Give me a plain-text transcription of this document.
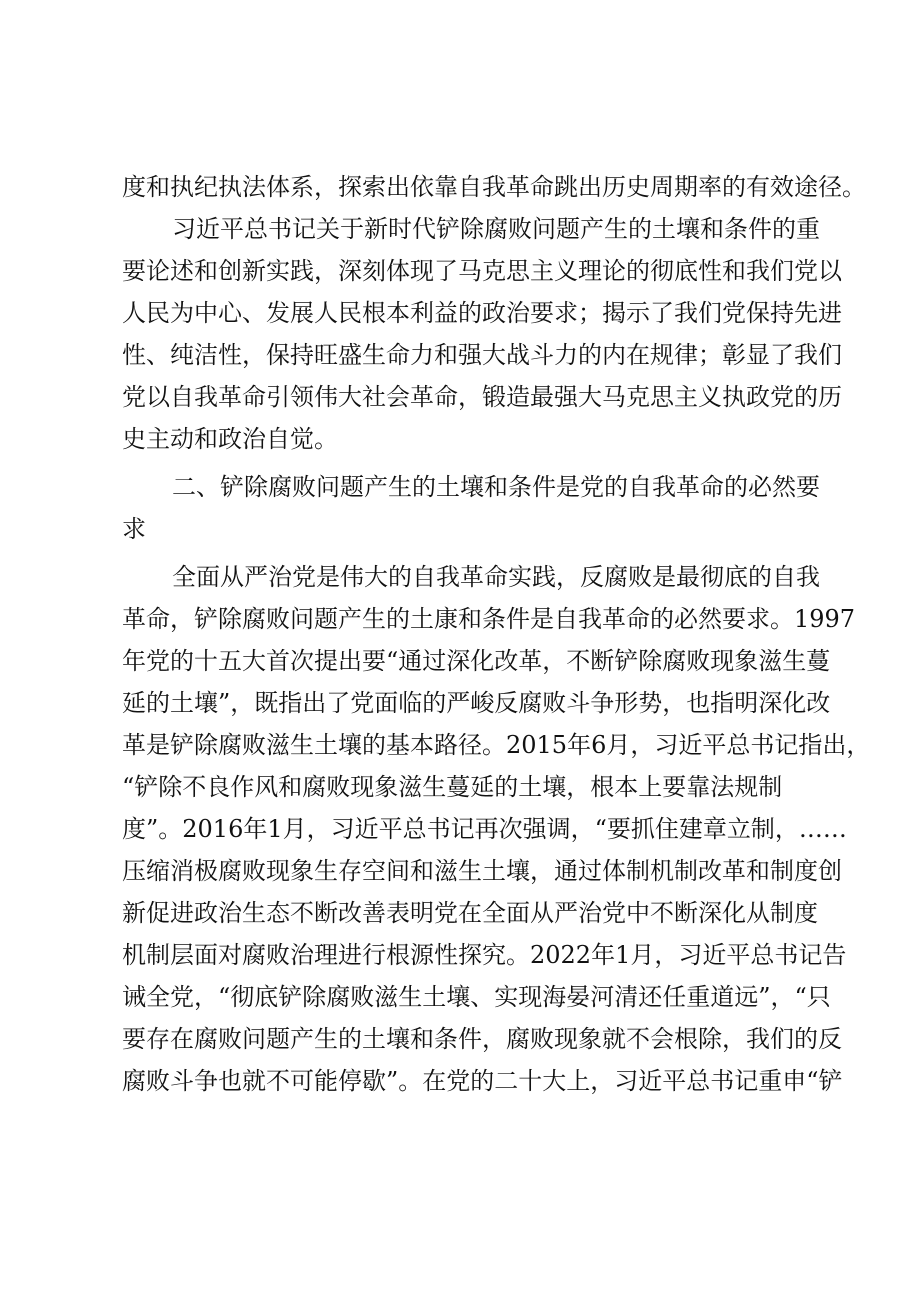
度和执纪执法体系，探索出依靠自我革命跳出历史周期率的有效途径。
习近平总书记关于新时代铲除腐败问题产生的土壤和条件的重
要论述和创新实践，深刻体现了马克思主义理论的彻底性和我们党以
人民为中心、发展人民根本利益的政治要求；揭示了我们党保持先进
性、纯洁性，保持旺盛生命力和强大战斗力的内在规律；彰显了我们
党以自我革命引领伟大社会革命，锻造最强大马克思主义执政党的历
史主动和政治自觉。
二、铲除腐败问题产生的土壤和条件是党的自我革命的必然要
求
全面从严治党是伟大的自我革命实践，反腐败是最彻底的自我
革命，铲除腐败问题产生的土康和条件是自我革命的必然要求。1997
年党的十五大首次提出要“通过深化改革，不断铲除腐败现象滋生蔓
延的土壤”，既指出了党面临的严峻反腐败斗争形势，也指明深化改
革是铲除腐败滋生土壤的基本路径。2015年6月，习近平总书记指出，
“铲除不良作风和腐败现象滋生蔓延的土壤，根本上要靠法规制
度”。2016年1月，习近平总书记再次强调，“要抓住建章立制，……
压缩消极腐败现象生存空间和滋生土壤，通过体制机制改革和制度创
新促进政治生态不断改善表明党在全面从严治党中不断深化从制度
机制层面对腐败治理进行根源性探究。2022年1月，习近平总书记告
诫全党，“彻底铲除腐败滋生土壤、实现海晏河清还任重道远”，“只
要存在腐败问题产生的土壤和条件，腐败现象就不会根除，我们的反
腐败斗争也就不可能停歇”。在党的二十大上，习近平总书记重申“铲
